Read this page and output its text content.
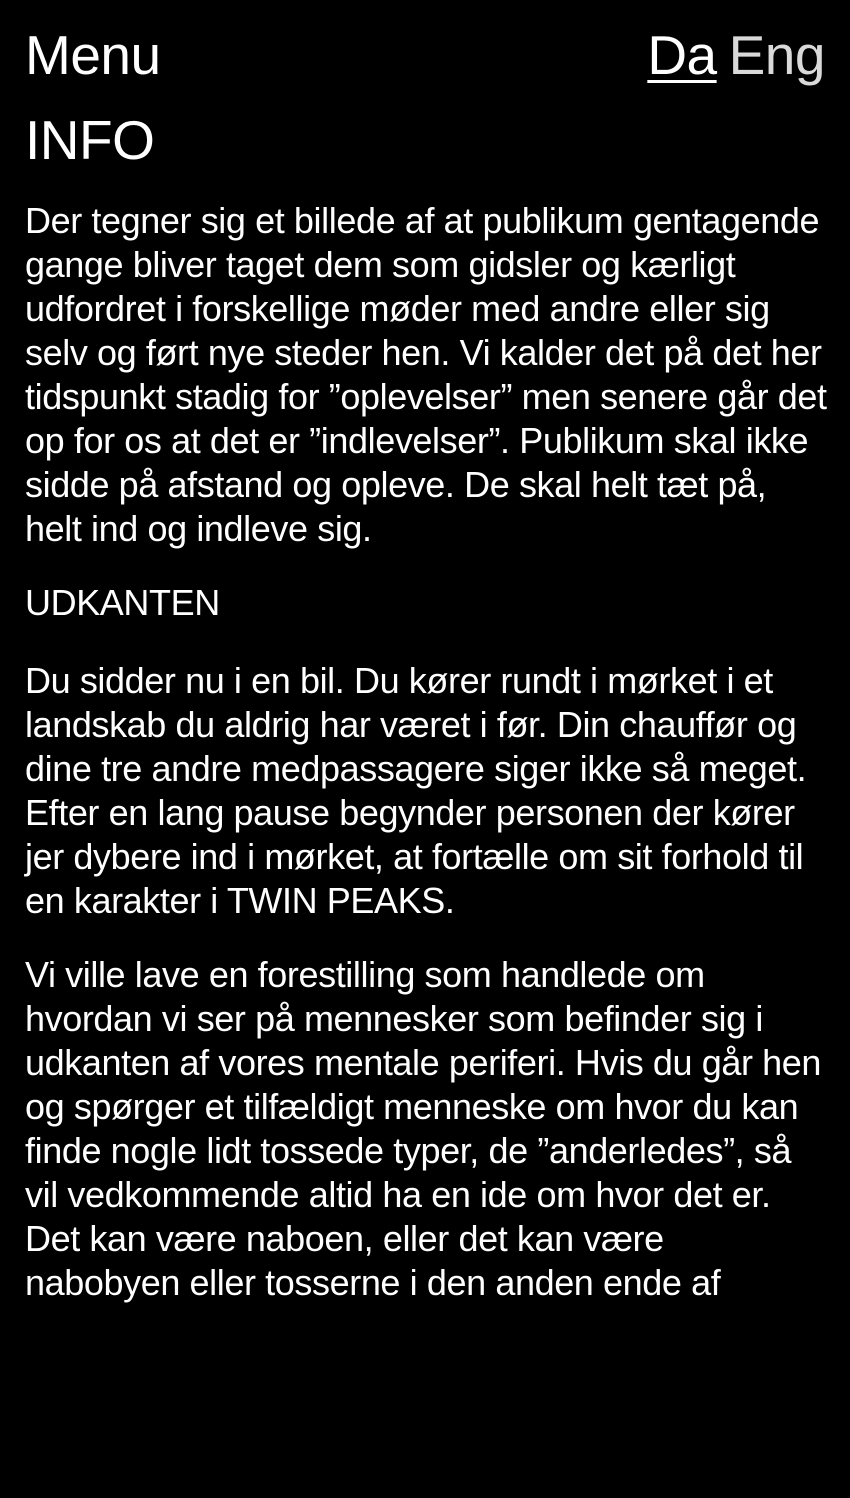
Menu	Da Eng
INFO

Der tegner sig et billede af at publikum gentagende gange bliver taget dem som gidsler og kærligt udfordret i forskellige møder med andre eller sig selv og ført nye steder hen. Vi kalder det på det her tidspunkt stadig for ”oplevelser” men senere går det op for os at det er ”indlevelser”. Publikum skal ikke sidde på afstand og opleve. De skal helt tæt på, helt ind og indleve sig.

UDKANTEN

Du sidder nu i en bil. Du kører rundt i mørket i et landskab du aldrig har været i før. Din chauffør og dine tre andre medpassagere siger ikke så meget. Efter en lang pause begynder personen der kører jer dybere ind i mørket, at fortælle om sit forhold til en karakter i TWIN PEAKS.

Vi ville lave en forestilling som handlede om hvordan vi ser på mennesker som befinder sig i udkanten af vores mentale periferi. Hvis du går hen og spørger et tilfældigt menneske om hvor du kan finde nogle lidt tossede typer, de ”anderledes”, så vil vedkommende altid ha en ide om hvor det er. Det kan være naboen, eller det kan være nabobyen eller tosserne i den anden ende af
